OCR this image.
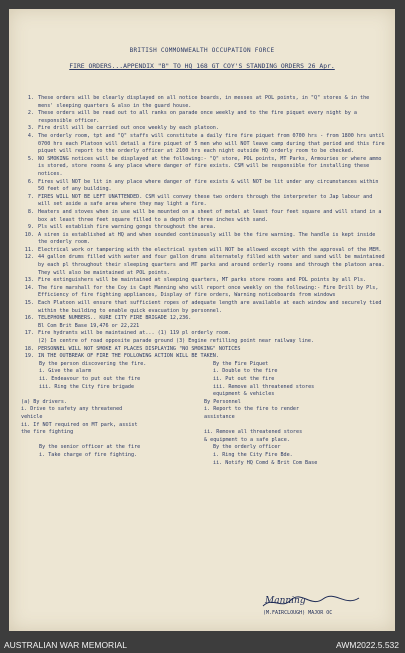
BRITISH COMMONWEALTH OCCUPATION FORCE
FIRE ORDERS...APPENDIX "B" TO HQ 168 GT COY'S STANDING ORDERS 26 Apr.
1. These orders will be clearly displayed on all notice boards, in messes at POL points, in "Q" stores & in the mens' sleeping quarters & also in the guard house.
2. These orders will be read out to all ranks on parade once weekly and to the fire piquet every night by a responsible officer.
3. Fire drill will be carried out once weekly by each platoon.
4. The orderly room, tpt and "Q" staffs will constitute a daily fire fire piquet from 0700 hrs - from 1800 hrs until 0700 hrs each Platoon will detail a fire piquet of 5 men who will NOT leave camp during that period and this fire piquet will report to the orderly officer at 2100 hrs each night outside HQ orderly room to be checked.
5. NO SMOKING notices will be displayed at the following:- "Q" store, POL points, MT Parks, Armouries or where ammo is stored, store rooms & any place where danger of fire exists. CSM will be responsible for installing these notices.
6. Fires will NOT be lit in any place where danger of fire exists & will NOT be lit under any circumstances within 50 feet of any building.
7. FIRES WILL NOT BE LEFT UNATTENDED. CSM will convey these two orders through the interpreter to Jap labour and will set aside a safe area where they may light a fire.
8. Heaters and stoves when in use will be mounted on a sheet of metal at least four feet square and will stand in a box at least three feet square filled to a depth of three inches with sand.
9. Pls will establish fire warning gongs throughout the area.
10. A siren is established at HQ and when sounded continuously will be the fire warning. The handle is kept inside the orderly room.
11. Electrical work or tampering with the electrical system will NOT be allowed except with the approval of the MEM.
12. 44 gallon drums filled with water and four gallon drums alternately filled with water and sand will be maintained by each pl throughout their sleeping quarters and MT parks and around orderly rooms and through the platoon area. They will also be maintained at POL points.
13. Fire extinguishers will be maintained at sleeping quarters, MT parks store rooms and POL points by all Pls.
14. The fire marshall for the Coy is Capt Manning who will report once weekly on the following:- Fire Drill by Pls, Efficiency of fire fighting appliances, Display of fire orders, Warning noticeboards from windows
15. Each Platoon will ensure that sufficient ropes of adequate length are available at each window and securely tied within the building to enable quick evacuation by personnel.
16. TELEPHONE NUMBERS.. KURE CITY FIRE BRIGADE 12,236.
Bl Com Brit Base 19,476 or 22,221
17. Fire hydrants will be maintained at... (1) 119 pl orderly room.
(2) In centre of road opposite parade ground (3) Engine refilling point near railway line.
18. PERSONNEL WILL NOT SMOKE AT PLACES DISPLAYING "NO SMOKING" NOTICES
19. IN THE OUTBREAK OF FIRE THE FOLLOWING ACTION WILL BE TAKEN.
By the person discovering the fire.
i. Give the alarm
ii. Endeavour to put out the fire
iii. Ring the City fire brigade
By the Fire Piquet
i. Double to the fire
ii. Put out the fire
iii. Remove all threatened stores
equipment & vehicles
(a) By drivers.
i. Drive to safety any threatened
vehicle
ii. If NOT required on MT park, assist
the fire fighting
By Personnel
i. Report to the fire to render
assistance

ii. Remove all threatened stores
& equipment to a safe place.
By the senior officer at the fire
i. Take charge of fire fighting.
By the orderly officer
i. Ring the City Fire Bde.
ii. Notify HQ Comd & Brit Com Base
Manning
(M.FAIRCLOUGH) MAJOR OC
AUSTRALIAN WAR MEMORIAL	AWM2022.5.532
